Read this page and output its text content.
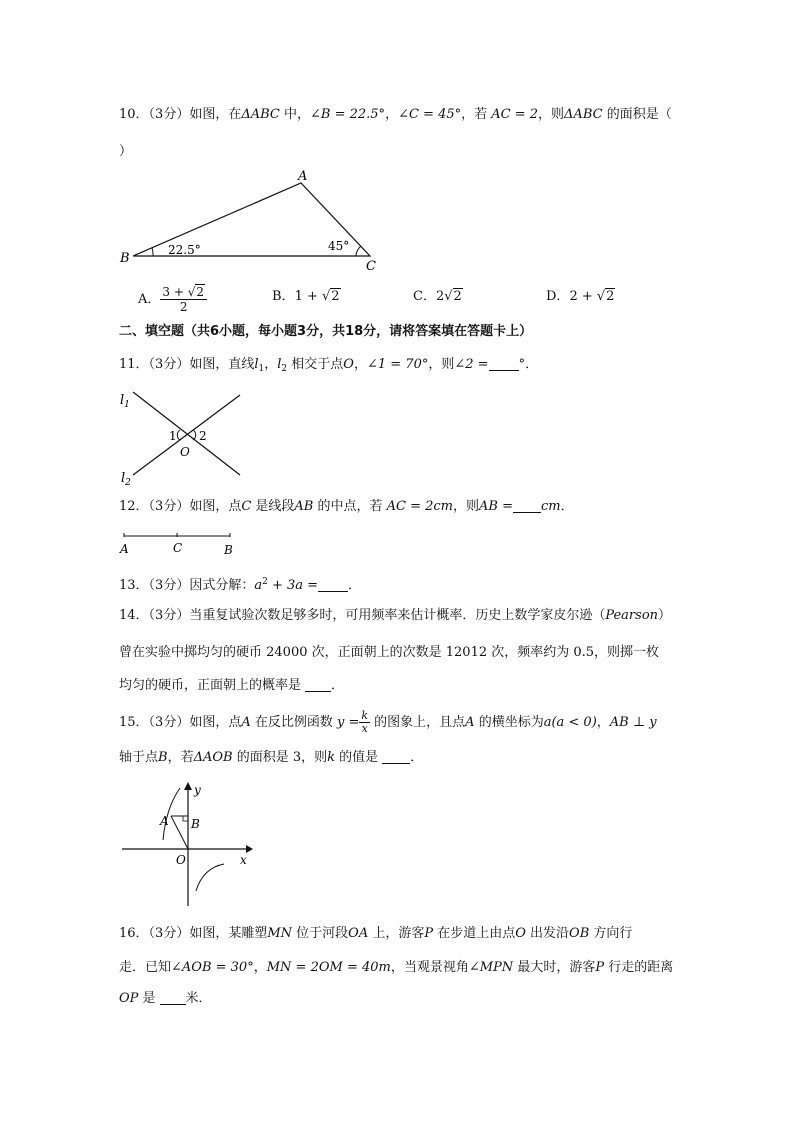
10．（3分）如图，在ΔABC 中，∠B = 22.5°，∠C = 45°，若 AC = 2，则ΔABC 的面积是（
）
A
B
C
22.5°	45°
A． $\frac{3 + √2}{2}$	B．1 + √2	C．2√2	D．2 + √2
二、填空题（共6小题，每小题3分，共18分，请将答案填在答题卡上）
11．（3分）如图，直线$l_1$，$l_2$ 相交于点O，∠1 = 70°，则∠2 = °．
$l_1$
$l_2$
1 2
O
12．（3分）如图，点C 是线段AB 的中点，若 AC = 2cm，则AB = cm．
A	C	B
13．（3分）因式分解：$a^2 + 3a$ = ．
14．（3分）当重复试验次数足够多时，可用频率来估计概率．历史上数学家皮尔逊（Pearson）
曾在实验中掷均匀的硬币 24000 次，正面朝上的次数是 12012 次，频率约为 0.5，则掷一枚
均匀的硬币，正面朝上的概率是 ．
15．（3分）如图，点A 在反比例函数 $y = \frac{k}{x}$ 的图象上，且点A 的横坐标为a(a < 0)，AB ⊥ y
轴于点B，若ΔAOB 的面积是 3，则k 的值是 ．
y
x
A B
O
16．（3分）如图，某雕塑MN 位于河段OA 上，游客P 在步道上由点O 出发沿OB 方向行
走．已知∠AOB = 30°，MN = 2OM = 40m，当观景视角∠MPN 最大时，游客P 行走的距离
OP 是 米．
